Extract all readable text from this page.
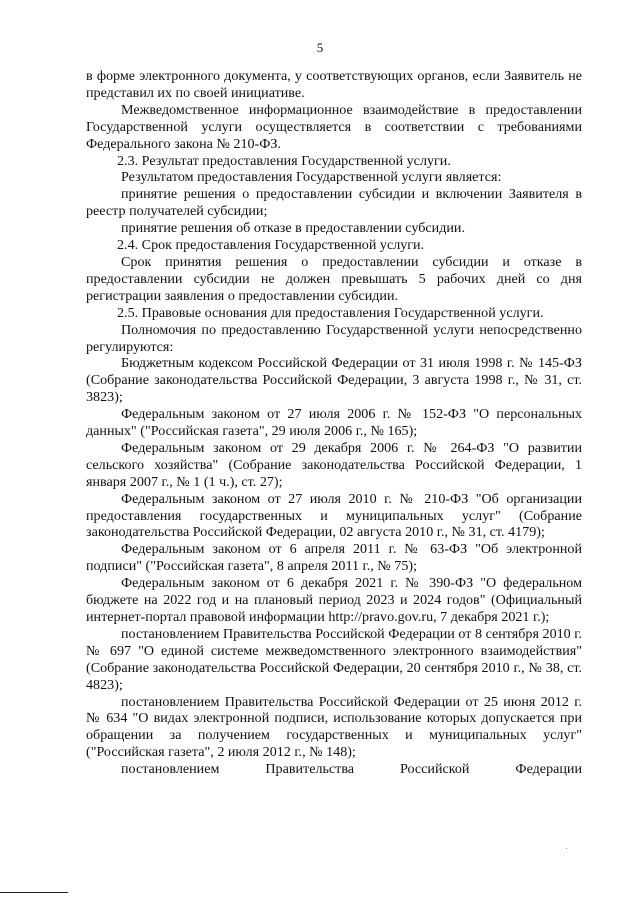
5

в форме электронного документа, у соответствующих органов, если Заявитель не представил их по своей инициативе.

Межведомственное информационное взаимодействие в предоставлении Государственной услуги осуществляется в соответствии с требованиями Федерального закона № 210-ФЗ.

2.3. Результат предоставления Государственной услуги.

Результатом предоставления Государственной услуги является:

принятие решения о предоставлении субсидии и включении Заявителя в реестр получателей субсидии;

принятие решения об отказе в предоставлении субсидии.

2.4. Срок предоставления Государственной услуги.

Срок принятия решения о предоставлении субсидии и отказе в предоставлении субсидии не должен превышать 5 рабочих дней со дня регистрации заявления о предоставлении субсидии.

2.5. Правовые основания для предоставления Государственной услуги.

Полномочия по предоставлению Государственной услуги непосредственно регулируются:

Бюджетным кодексом Российской Федерации от 31 июля 1998 г. № 145-ФЗ (Собрание законодательства Российской Федерации, 3 августа 1998 г., № 31, ст. 3823);

Федеральным законом от 27 июля 2006 г. № 152-ФЗ "О персональных данных" ("Российская газета", 29 июля 2006 г., № 165);

Федеральным законом от 29 декабря 2006 г. № 264-ФЗ "О развитии сельского хозяйства" (Собрание законодательства Российской Федерации, 1 января 2007 г., № 1 (1 ч.), ст. 27);

Федеральным законом от 27 июля 2010 г. № 210-ФЗ "Об организации предоставления государственных и муниципальных услуг" (Собрание законодательства Российской Федерации, 02 августа 2010 г., № 31, ст. 4179);

Федеральным законом от 6 апреля 2011 г. № 63-ФЗ "Об электронной подписи" ("Российская газета", 8 апреля 2011 г., № 75);

Федеральным законом от 6 декабря 2021 г. № 390-ФЗ "О федеральном бюджете на 2022 год и на плановый период 2023 и 2024 годов" (Официальный интернет-портал правовой информации http://pravo.gov.ru, 7 декабря 2021 г.);

постановлением Правительства Российской Федерации от 8 сентября 2010 г. № 697 "О единой системе межведомственного электронного взаимодействия" (Собрание законодательства Российской Федерации, 20 сентября 2010 г., № 38, ст. 4823);

постановлением Правительства Российской Федерации от 25 июня 2012 г. № 634 "О видах электронной подписи, использование которых допускается при обращении за получением государственных и муниципальных услуг" ("Российская газета", 2 июля 2012 г., № 148);

постановлением Правительства Российской Федерации
